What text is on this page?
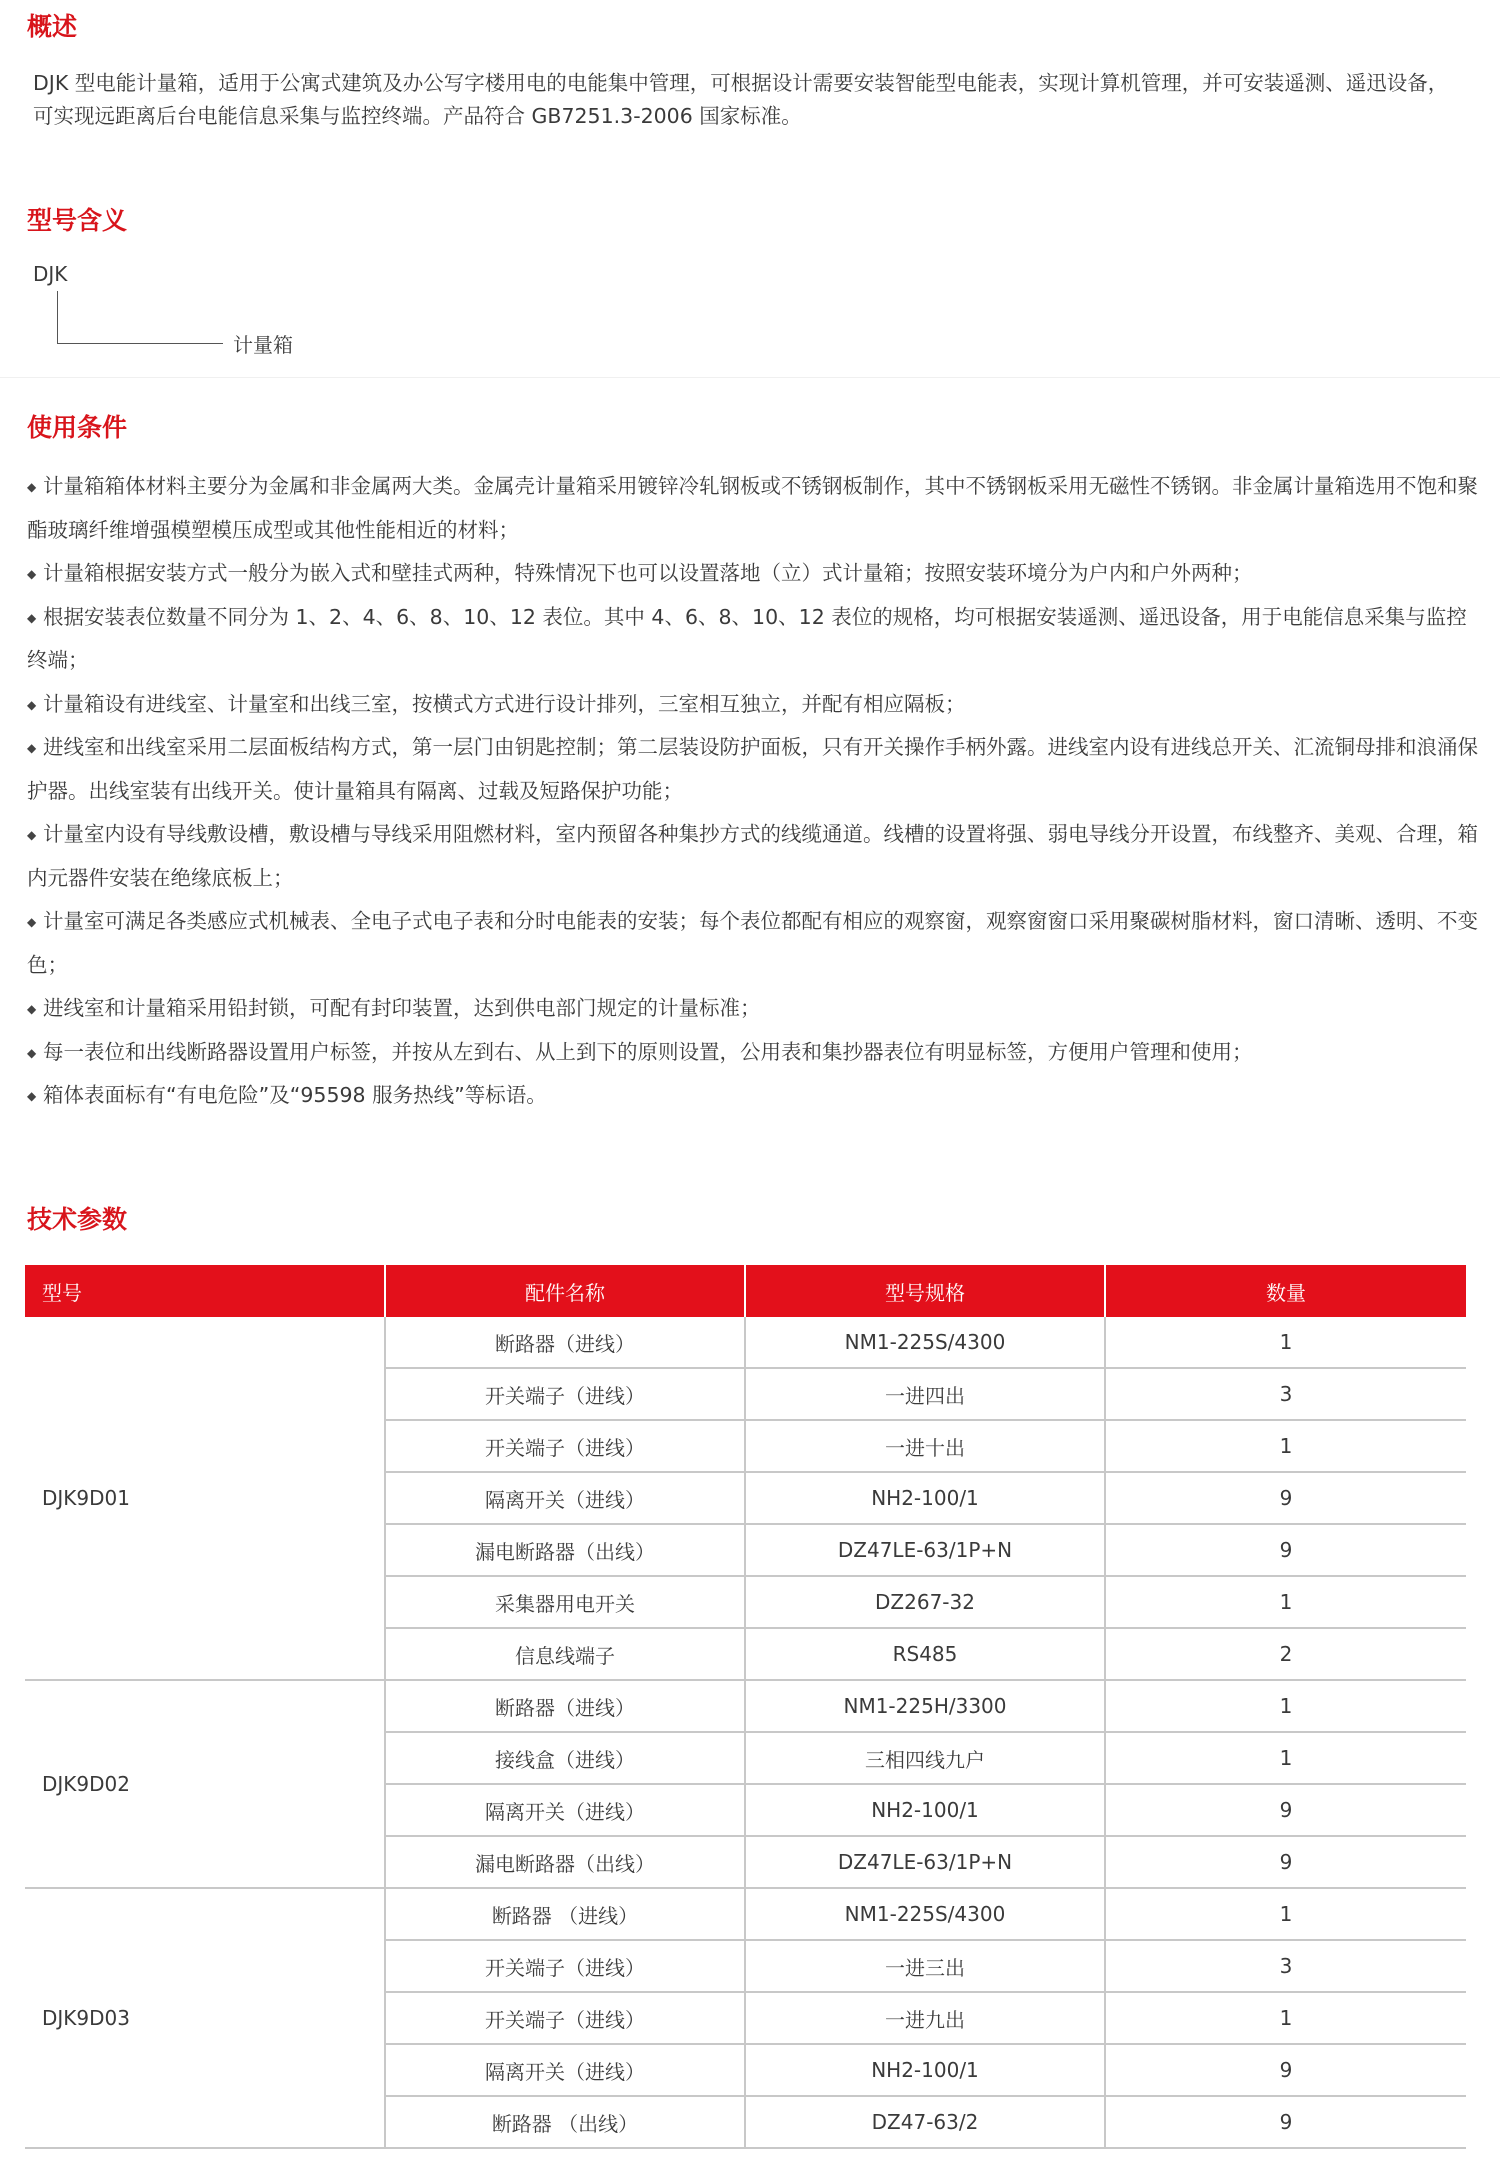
概述

DJK 型电能计量箱，适用于公寓式建筑及办公写字楼用电的电能集中管理，可根据设计需要安装智能型电能表，实现计算机管理，并可安装遥测、遥迅设备，

可实现远距离后台电能信息采集与监控终端。产品符合 GB7251.3-2006 国家标准。

型号含义
DJK
计量箱
使用条件
◆ 计量箱箱体材料主要分为金属和非金属两大类。金属壳计量箱采用镀锌冷轧钢板或不锈钢板制作，其中不锈钢板采用无磁性不锈钢。非金属计量箱选用不饱和聚酯玻璃纤维增强模塑模压成型或其他性能相近的材料；
◆ 计量箱根据安装方式一般分为嵌入式和壁挂式两种，特殊情况下也可以设置落地（立）式计量箱；按照安装环境分为户内和户外两种；
◆ 根据安装表位数量不同分为 1、2、4、6、8、10、12 表位。其中 4、6、8、10、12 表位的规格，均可根据安装遥测、遥迅设备，用于电能信息采集与监控终端；
◆ 计量箱设有进线室、计量室和出线三室，按横式方式进行设计排列，三室相互独立，并配有相应隔板；
◆ 进线室和出线室采用二层面板结构方式，第一层门由钥匙控制；第二层装设防护面板，只有开关操作手柄外露。进线室内设有进线总开关、汇流铜母排和浪涌保护器。出线室装有出线开关。使计量箱具有隔离、过载及短路保护功能；
◆ 计量室内设有导线敷设槽，敷设槽与导线采用阻燃材料，室内预留各种集抄方式的线缆通道。线槽的设置将强、弱电导线分开设置，布线整齐、美观、合理，箱内元器件安装在绝缘底板上；
◆ 计量室可满足各类感应式机械表、全电子式电子表和分时电能表的安装；每个表位都配有相应的观察窗，观察窗窗口采用聚碳树脂材料，窗口清晰、透明、不变色；
◆ 进线室和计量箱采用铅封锁，可配有封印装置，达到供电部门规定的计量标准；
◆ 每一表位和出线断路器设置用户标签，并按从左到右、从上到下的原则设置，公用表和集抄器表位有明显标签，方便用户管理和使用；
◆ 箱体表面标有“有电危险”及“95598 服务热线”等标语。
技术参数
型号	配件名称	型号规格	数量
DJK9D01	断路器（进线）	NM1-225S/4300	1
	开关端子（进线）	一进四出	3
	开关端子（进线）	一进十出	1
	隔离开关（进线）	NH2-100/1	9
	漏电断路器（出线）	DZ47LE-63/1P+N	9
	采集器用电开关	DZ267-32	1
	信息线端子	RS485	2
DJK9D02	断路器（进线）	NM1-225H/3300	1
	接线盒（进线）	三相四线九户	1
	隔离开关（进线）	NH2-100/1	9
	漏电断路器（出线）	DZ47LE-63/1P+N	9
DJK9D03	断路器 （进线）	NM1-225S/4300	1
	开关端子（进线）	一进三出	3
	开关端子（进线）	一进九出	1
	隔离开关（进线）	NH2-100/1	9
	断路器 （出线）	DZ47-63/2	9
